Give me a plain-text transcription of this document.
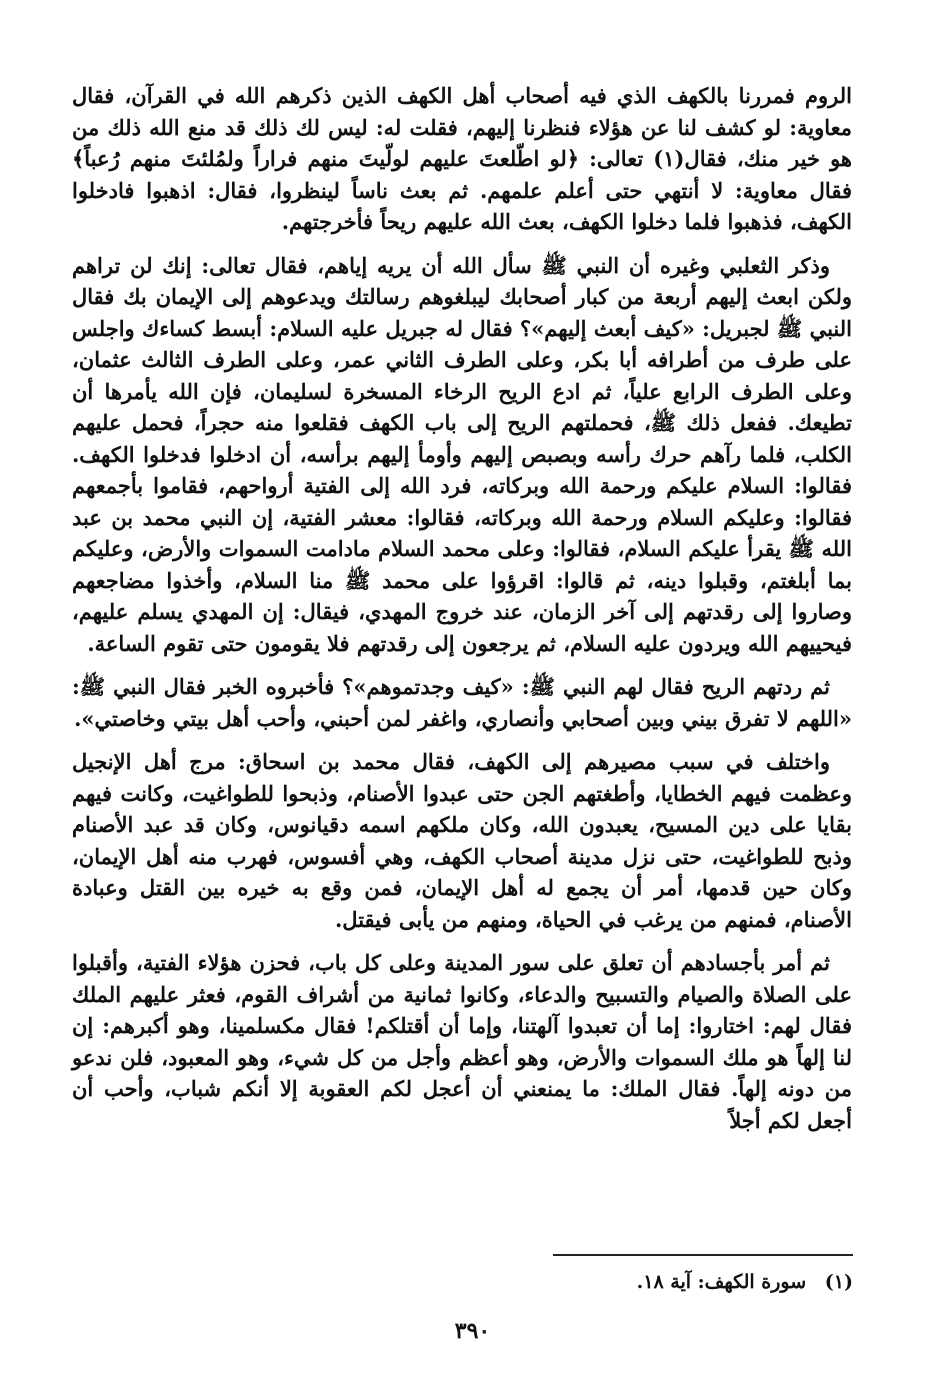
الروم فمررنا بالكهف الذي فيه أصحاب أهل الكهف الذين ذكرهم الله في القرآن، فقال معاوية: لو كشف لنا عن هؤلاء فنظرنا إليهم، فقلت له: ليس لك ذلك قد منع الله ذلك من هو خير منك، فقال(١) تعالى: ﴿لو اطّلعتَ عليهم لولّيتَ منهم فراراً ولمُلئتَ منهم رُعباً﴾ فقال معاوية: لا أنتهي حتى أعلم علمهم. ثم بعث ناساً لينظروا، فقال: اذهبوا فادخلوا الكهف، فذهبوا فلما دخلوا الكهف، بعث الله عليهم ريحاً فأخرجتهم.

وذكر الثعلبي وغيره أن النبي ﷺ سأل الله أن يريه إياهم، فقال تعالى: إنك لن تراهم ولكن ابعث إليهم أربعة من كبار أصحابك ليبلغوهم رسالتك ويدعوهم إلى الإيمان بك فقال النبي ﷺ لجبريل: «كيف أبعث إليهم»؟ فقال له جبريل عليه السلام: أبسط كساءك واجلس على طرف من أطرافه أبا بكر، وعلى الطرف الثاني عمر، وعلى الطرف الثالث عثمان، وعلى الطرف الرابع علياً، ثم ادع الريح الرخاء المسخرة لسليمان، فإن الله يأمرها أن تطيعك. ففعل ذلك ﷺ، فحملتهم الريح إلى باب الكهف فقلعوا منه حجراً، فحمل عليهم الكلب، فلما رآهم حرك رأسه وبصبص إليهم وأومأ إليهم برأسه، أن ادخلوا فدخلوا الكهف. فقالوا: السلام عليكم ورحمة الله وبركاته، فرد الله إلى الفتية أرواحهم، فقاموا بأجمعهم فقالوا: وعليكم السلام ورحمة الله وبركاته، فقالوا: معشر الفتية، إن النبي محمد بن عبد الله ﷺ يقرأ عليكم السلام، فقالوا: وعلى محمد السلام مادامت السموات والأرض، وعليكم بما أبلغتم، وقبلوا دينه، ثم قالوا: اقرؤوا على محمد ﷺ منا السلام، وأخذوا مضاجعهم وصاروا إلى رقدتهم إلى آخر الزمان، عند خروج المهدي، فيقال: إن المهدي يسلم عليهم، فيحييهم الله ويردون عليه السلام، ثم يرجعون إلى رقدتهم فلا يقومون حتى تقوم الساعة.

ثم ردتهم الريح فقال لهم النبي ﷺ: «كيف وجدتموهم»؟ فأخبروه الخبر فقال النبي ﷺ: «اللهم لا تفرق بيني وبين أصحابي وأنصاري، واغفر لمن أحبني، وأحب أهل بيتي وخاصتي».

واختلف في سبب مصيرهم إلى الكهف، فقال محمد بن اسحاق: مرج أهل الإنجيل وعظمت فيهم الخطايا، وأطغتهم الجن حتى عبدوا الأصنام، وذبحوا للطواغيت، وكانت فيهم بقايا على دين المسيح، يعبدون الله، وكان ملكهم اسمه دقيانوس، وكان قد عبد الأصنام وذبح للطواغيت، حتى نزل مدينة أصحاب الكهف، وهي أفسوس، فهرب منه أهل الإيمان، وكان حين قدمها، أمر أن يجمع له أهل الإيمان، فمن وقع به خيره بين القتل وعبادة الأصنام، فمنهم من يرغب في الحياة، ومنهم من يأبى فيقتل.

ثم أمر بأجسادهم أن تعلق على سور المدينة وعلى كل باب، فحزن هؤلاء الفتية، وأقبلوا على الصلاة والصيام والتسبيح والدعاء، وكانوا ثمانية من أشراف القوم، فعثر عليهم الملك فقال لهم: اختاروا: إما أن تعبدوا آلهتنا، وإما أن أقتلكم! فقال مكسلمينا، وهو أكبرهم: إن لنا إلهاً هو ملك السموات والأرض، وهو أعظم وأجل من كل شيء، وهو المعبود، فلن ندعو من دونه إلهاً. فقال الملك: ما يمنعني أن أعجل لكم العقوبة إلا أنكم شباب، وأحب أن أجعل لكم أجلاً

(١) سورة الكهف: آية ١٨.
٣٩٠
